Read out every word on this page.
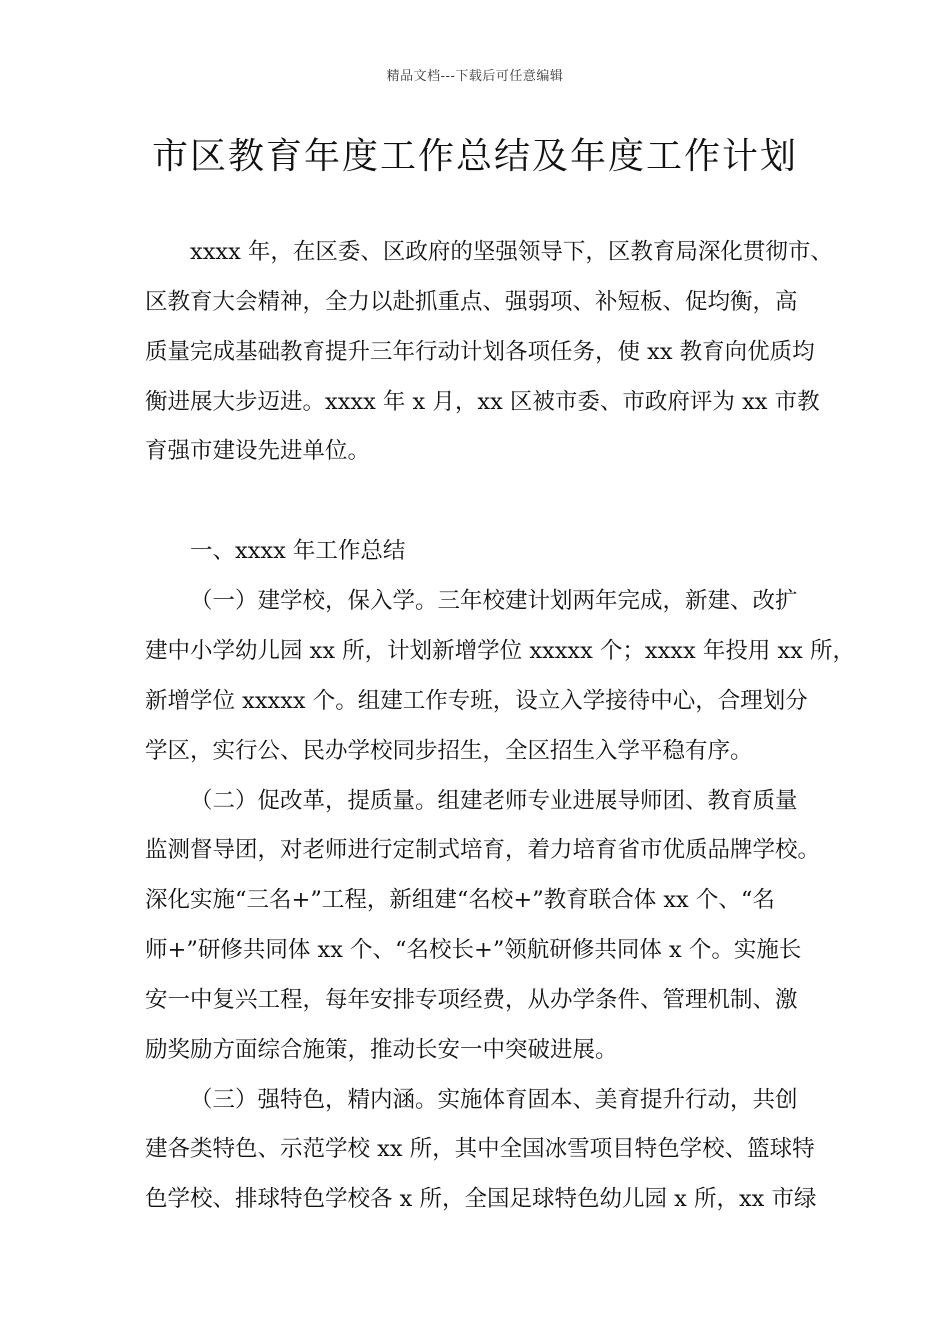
精品文档---下载后可任意编辑
市区教育年度工作总结及年度工作计划
xxxx 年，在区委、区政府的坚强领导下，区教育局深化贯彻市、
区教育大会精神，全力以赴抓重点、强弱项、补短板、促均衡，高
质量完成基础教育提升三年行动计划各项任务，使 xx 教育向优质均
衡进展大步迈进。xxxx 年 x 月，xx 区被市委、市政府评为 xx 市教
育强市建设先进单位。
一、xxxx 年工作总结
（一）建学校，保入学。三年校建计划两年完成，新建、改扩
建中小学幼儿园 xx 所，计划新增学位 xxxxx 个；xxxx 年投用 xx 所，
新增学位 xxxxx 个。组建工作专班，设立入学接待中心，合理划分
学区，实行公、民办学校同步招生，全区招生入学平稳有序。
（二）促改革，提质量。组建老师专业进展导师团、教育质量
监测督导团，对老师进行定制式培育，着力培育省市优质品牌学校。
深化实施“三名+”工程，新组建“名校+”教育联合体 xx 个、“名
师+”研修共同体 xx 个、“名校长+”领航研修共同体 x 个。实施长
安一中复兴工程，每年安排专项经费，从办学条件、管理机制、激
励奖励方面综合施策，推动长安一中突破进展。
（三）强特色，精内涵。实施体育固本、美育提升行动，共创
建各类特色、示范学校 xx 所，其中全国冰雪项目特色学校、篮球特
色学校、排球特色学校各 x 所，全国足球特色幼儿园 x 所，xx 市绿
